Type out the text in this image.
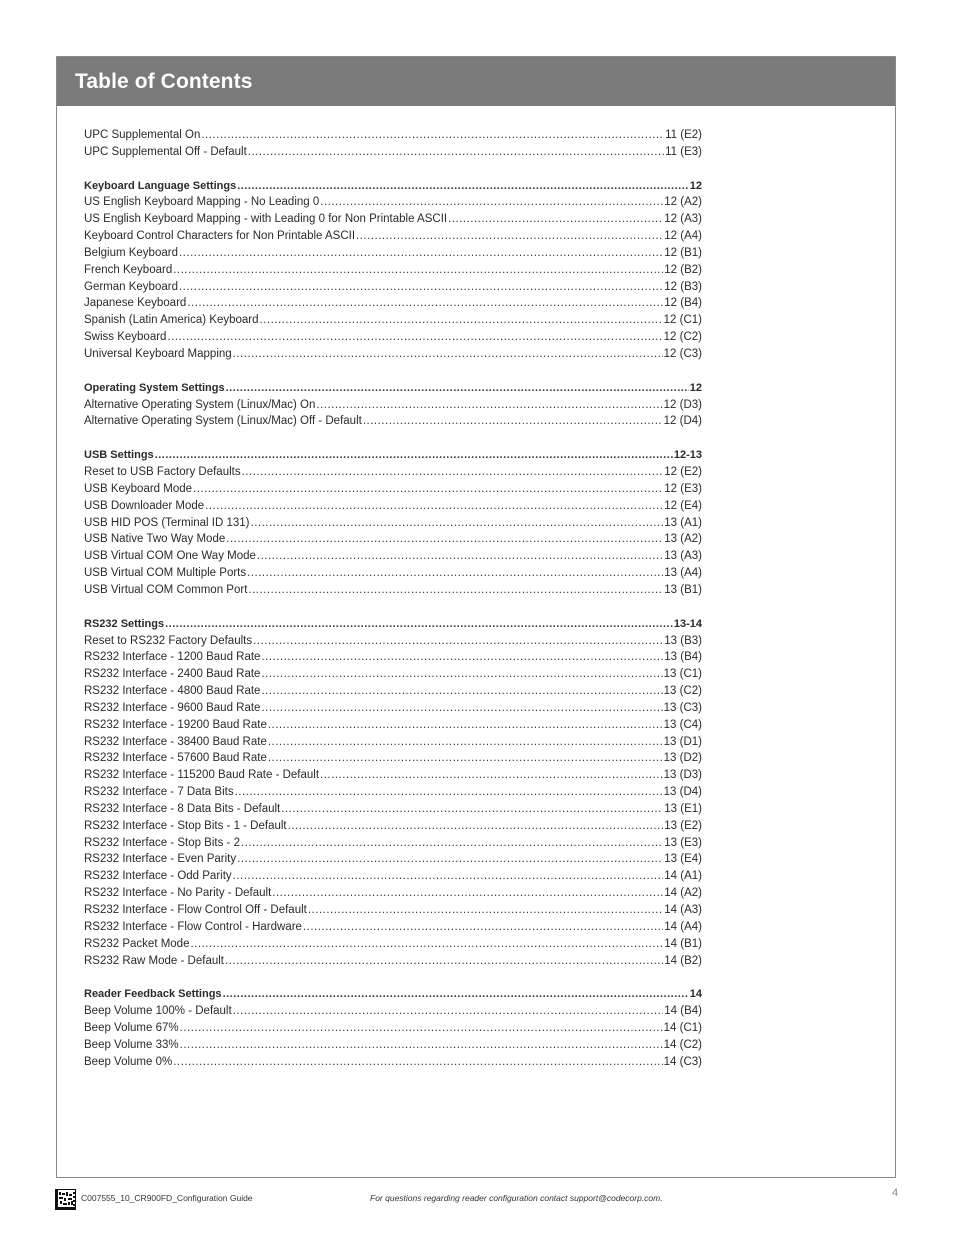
Table of Contents
UPC Supplemental On .....	11 (E2)
UPC Supplemental Off - Default .....	11 (E3)
Keyboard Language Settings .....	12
US English Keyboard Mapping - No Leading 0 .....	12 (A2)
US English Keyboard Mapping - with Leading 0 for Non Printable ASCII .....	12 (A3)
Keyboard Control Characters for Non Printable ASCII .....	12 (A4)
Belgium Keyboard .....	12 (B1)
French Keyboard .....	12 (B2)
German Keyboard .....	12 (B3)
Japanese Keyboard .....	12 (B4)
Spanish (Latin America) Keyboard .....	12 (C1)
Swiss Keyboard .....	12 (C2)
Universal Keyboard Mapping .....	12 (C3)
Operating System Settings .....	12
Alternative Operating System (Linux/Mac) On .....	12 (D3)
Alternative Operating System (Linux/Mac) Off - Default .....	12 (D4)
USB Settings .....	12-13
Reset to USB Factory Defaults .....	12 (E2)
USB Keyboard Mode .....	12 (E3)
USB Downloader Mode .....	12 (E4)
USB HID POS (Terminal ID 131) .....	13 (A1)
USB Native Two Way Mode .....	13 (A2)
USB Virtual COM One Way Mode .....	13 (A3)
USB Virtual COM Multiple Ports .....	13 (A4)
USB Virtual COM Common Port .....	13 (B1)
RS232 Settings .....	13-14
Reset to RS232 Factory Defaults .....	13 (B3)
RS232 Interface - 1200 Baud Rate .....	13 (B4)
RS232 Interface - 2400 Baud Rate .....	13 (C1)
RS232 Interface - 4800 Baud Rate .....	13 (C2)
RS232 Interface - 9600 Baud Rate .....	13 (C3)
RS232 Interface - 19200 Baud Rate .....	13 (C4)
RS232 Interface - 38400 Baud Rate .....	13 (D1)
RS232 Interface - 57600 Baud Rate .....	13 (D2)
RS232 Interface - 115200 Baud Rate - Default .....	13 (D3)
RS232 Interface - 7 Data Bits .....	13 (D4)
RS232 Interface - 8 Data Bits - Default .....	13 (E1)
RS232 Interface - Stop Bits - 1 - Default .....	13 (E2)
RS232 Interface - Stop Bits - 2 .....	13 (E3)
RS232 Interface - Even Parity .....	13 (E4)
RS232 Interface - Odd Parity .....	14 (A1)
RS232 Interface - No Parity - Default .....	14 (A2)
RS232 Interface - Flow Control Off - Default .....	14 (A3)
RS232 Interface - Flow Control - Hardware .....	14 (A4)
RS232 Packet Mode .....	14 (B1)
RS232 Raw Mode - Default .....	14 (B2)
Reader Feedback Settings .....	14
Beep Volume 100% - Default .....	14 (B4)
Beep Volume 67% .....	14 (C1)
Beep Volume 33% .....	14 (C2)
Beep Volume 0% .....	14 (C3)
C007555_10_CR900FD_Configuration Guide	For questions regarding reader configuration contact support@codecorp.com.	4
